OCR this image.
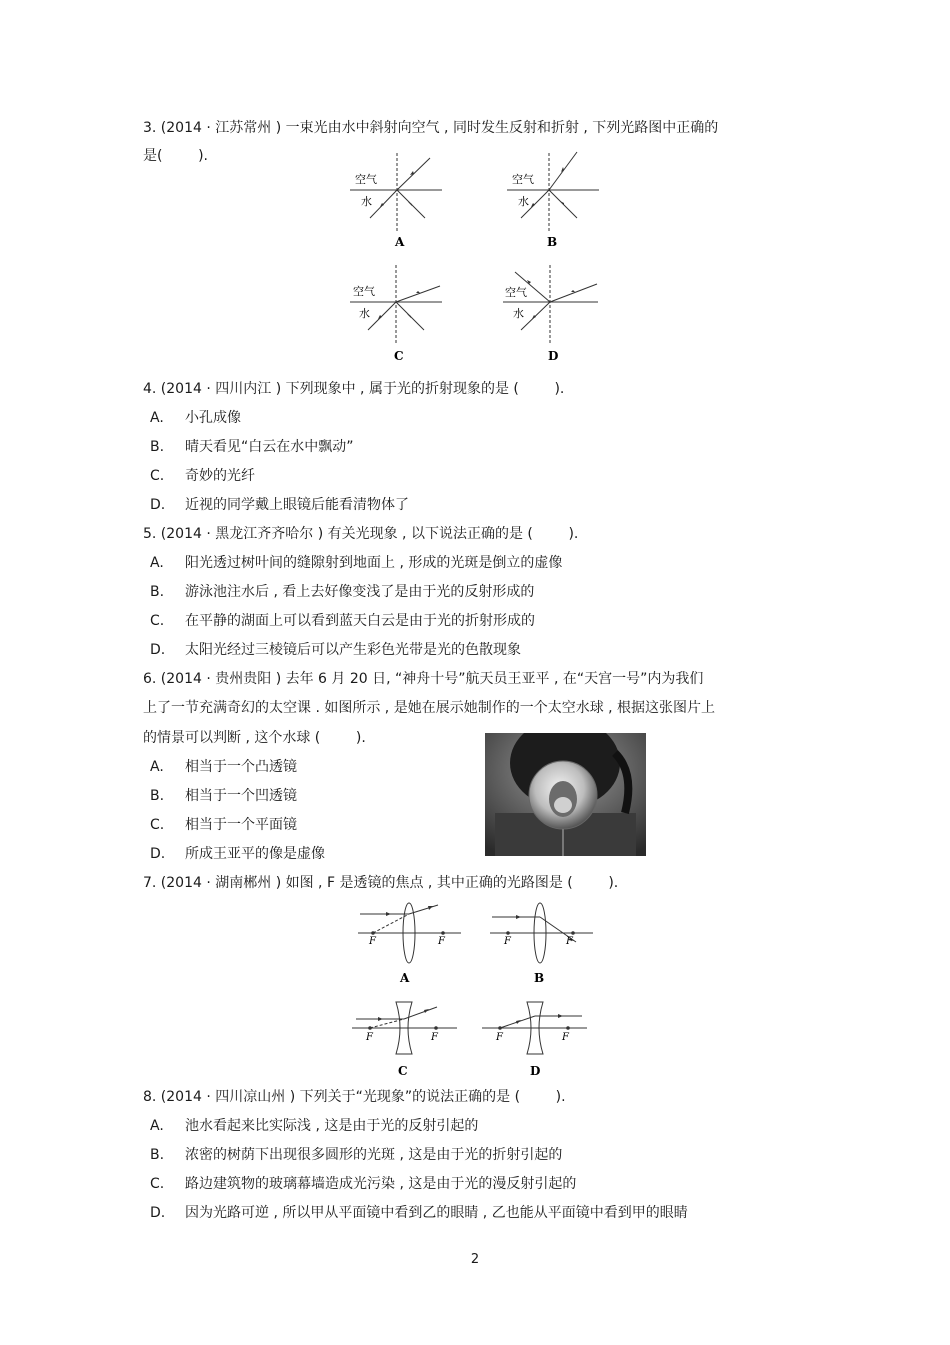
3. (2014 · 江苏常州 ) 一束光由水中斜射向空气 , 同时发生反射和折射 , 下列光路图中正确的
是(        ).
空气
水
A
空气
水
B
空气
水
C
空气
水
D
4. (2014 · 四川内江 ) 下列现象中 , 属于光的折射现象的是 (        ).
A. 小孔成像
B. 晴天看见“白云在水中飘动”
C. 奇妙的光纤
D. 近视的同学戴上眼镜后能看清物体了
5. (2014 · 黑龙江齐齐哈尔 ) 有关光现象 , 以下说法正确的是 (        ).
A. 阳光透过树叶间的缝隙射到地面上 , 形成的光斑是倒立的虚像
B. 游泳池注水后 , 看上去好像变浅了是由于光的反射形成的
C. 在平静的湖面上可以看到蓝天白云是由于光的折射形成的
D. 太阳光经过三棱镜后可以产生彩色光带是光的色散现象
6. (2014 · 贵州贵阳 ) 去年 6 月 20 日, “神舟十号”航天员王亚平 , 在“天宫一号”内为我们
上了一节充满奇幻的太空课 . 如图所示 , 是她在展示她制作的一个太空水球 , 根据这张图片上
的情景可以判断 , 这个水球 (        ).
A. 相当于一个凸透镜
B. 相当于一个凹透镜
C. 相当于一个平面镜
D. 所成王亚平的像是虚像
7. (2014 · 湖南郴州 ) 如图 , F 是透镜的焦点 , 其中正确的光路图是 (        ).
F	F
A
F	F
B
F	F
C
F	F
D
8. (2014 · 四川凉山州 ) 下列关于“光现象”的说法正确的是 (        ).
A. 池水看起来比实际浅 , 这是由于光的反射引起的
B. 浓密的树荫下出现很多圆形的光斑 , 这是由于光的折射引起的
C. 路边建筑物的玻璃幕墙造成光污染 , 这是由于光的漫反射引起的
D. 因为光路可逆 , 所以甲从平面镜中看到乙的眼睛 , 乙也能从平面镜中看到甲的眼睛
2
